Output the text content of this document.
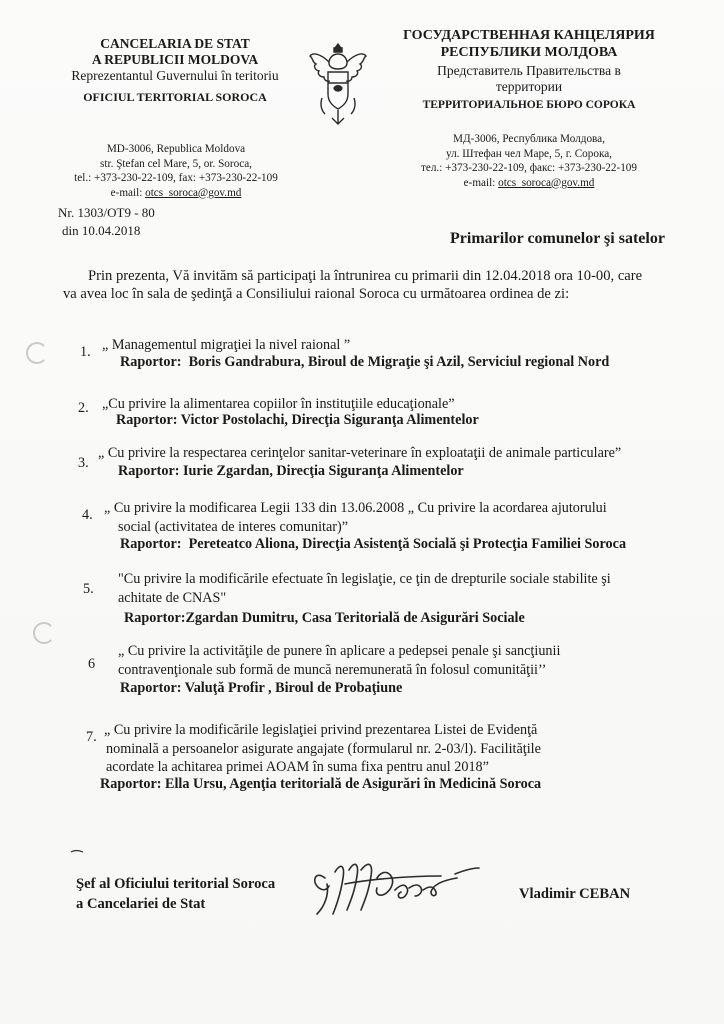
CANCELARIA DE STAT
A REPUBLICII MOLDOVA
Reprezentantul Guvernului în teritoriu
OFICIUL TERITORIAL SOROCA
MD-3006, Republica Moldova
str. Ştefan cel Mare, 5, or. Soroca,
tel.: +373-230-22-109, fax: +373-230-22-109
e-mail: otcs_soroca@gov.md
ГОСУДАРСТВЕННАЯ КАНЦЕЛЯРИЯ
РЕСПУБЛИКИ МОЛДОВА
Представитель Правительства в
территории
ТЕРРИТОРИАЛЬНОЕ БЮРО СОРОКА
МД-3006, Республика Молдова,
ул. Штефан чел Маре, 5, г. Сорока,
тел.: +373-230-22-109, факс: +373-230-22-109
e-mail: otcs_soroca@gov.md
Nr. 1303/OT9 - 80
din 10.04.2018	Primarilor comunelor şi satelor
Prin prezenta, Vă invităm să participaţi la întrunirea cu primarii din 12.04.2018 ora 10-00, care
va avea loc în sala de şedinţă a Consiliului raional Soroca cu următoarea ordinea de zi:
1. „ Managementul migraţiei la nivel raional ”
Raportor: Boris Gandrabura, Biroul de Migraţie şi Azil, Serviciul regional Nord
2. „Cu privire la alimentarea copiilor în instituţiile educaţionale”
Raportor: Victor Postolachi, Direcţia Siguranţa Alimentelor
3.
„ Cu privire la respectarea cerinţelor sanitar-veterinare în exploataţii de animale particulare”
Raportor: Iurie Zgardan, Direcţia Siguranţa Alimentelor
4. „ Cu privire la modificarea Legii 133 din 13.06.2008 „ Cu privire la acordarea ajutorului
social (activitatea de interes comunitar)”
Raportor: Pereteatco Aliona, Direcţia Asistenţă Socială şi Protecţia Familiei Soroca
5.
"Cu privire la modificările efectuate în legislaţie, ce ţin de drepturile sociale stabilite şi
achitate de CNAS"
Raportor:Zgardan Dumitru, Casa Teritorială de Asigurări Sociale
6
„ Cu privire la activităţile de punere în aplicare a pedepsei penale şi sancţiunii
contravenţionale sub formă de muncă neremunerată în folosul comunităţii’’
Raportor: Valuţă Profir , Biroul de Probaţiune
7. „ Cu privire la modificările legislaţiei privind prezentarea Listei de Evidenţă
nominală a persoanelor asigurate angajate (formularul nr. 2-03/l). Facilităţile
acordate la achitarea primei AOAM în suma fixa pentru anul 2018”
Raportor: Ella Ursu, Agenţia teritorială de Asigurări în Medicină Soroca
Şef al Oficiului teritorial Soroca
a Cancelariei de Stat
Vladimir CEBAN
